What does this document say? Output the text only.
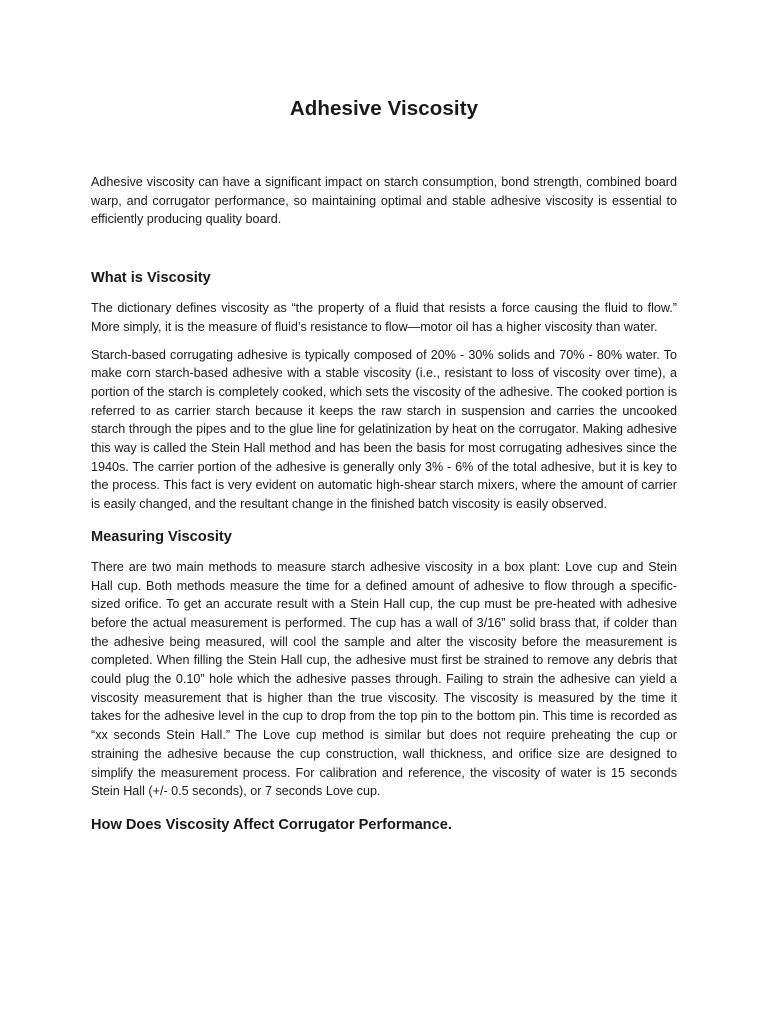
Adhesive Viscosity

Adhesive viscosity can have a significant impact on starch consumption, bond strength, combined board warp, and corrugator performance, so maintaining optimal and stable adhesive viscosity is essential to efficiently producing quality board.

What is Viscosity

The dictionary defines viscosity as “the property of a fluid that resists a force causing the fluid to flow.” More simply, it is the measure of fluid’s resistance to flow—motor oil has a higher viscosity than water.

Starch-based corrugating adhesive is typically composed of 20% - 30% solids and 70% - 80% water. To make corn starch-based adhesive with a stable viscosity (i.e., resistant to loss of viscosity over time), a portion of the starch is completely cooked, which sets the viscosity of the adhesive. The cooked portion is referred to as carrier starch because it keeps the raw starch in suspension and carries the uncooked starch through the pipes and to the glue line for gelatinization by heat on the corrugator. Making adhesive this way is called the Stein Hall method and has been the basis for most corrugating adhesives since the 1940s. The carrier portion of the adhesive is generally only 3% - 6% of the total adhesive, but it is key to the process. This fact is very evident on automatic high-shear starch mixers, where the amount of carrier is easily changed, and the resultant change in the finished batch viscosity is easily observed.

Measuring Viscosity

There are two main methods to measure starch adhesive viscosity in a box plant: Love cup and Stein Hall cup. Both methods measure the time for a defined amount of adhesive to flow through a specific-sized orifice. To get an accurate result with a Stein Hall cup, the cup must be pre-heated with adhesive before the actual measurement is performed. The cup has a wall of 3/16” solid brass that, if colder than the adhesive being measured, will cool the sample and alter the viscosity before the measurement is completed. When filling the Stein Hall cup, the adhesive must first be strained to remove any debris that could plug the 0.10” hole which the adhesive passes through. Failing to strain the adhesive can yield a viscosity measurement that is higher than the true viscosity. The viscosity is measured by the time it takes for the adhesive level in the cup to drop from the top pin to the bottom pin. This time is recorded as “xx seconds Stein Hall.” The Love cup method is similar but does not require preheating the cup or straining the adhesive because the cup construction, wall thickness, and orifice size are designed to simplify the measurement process. For calibration and reference, the viscosity of water is 15 seconds Stein Hall (+/- 0.5 seconds), or 7 seconds Love cup.

How Does Viscosity Affect Corrugator Performance.
